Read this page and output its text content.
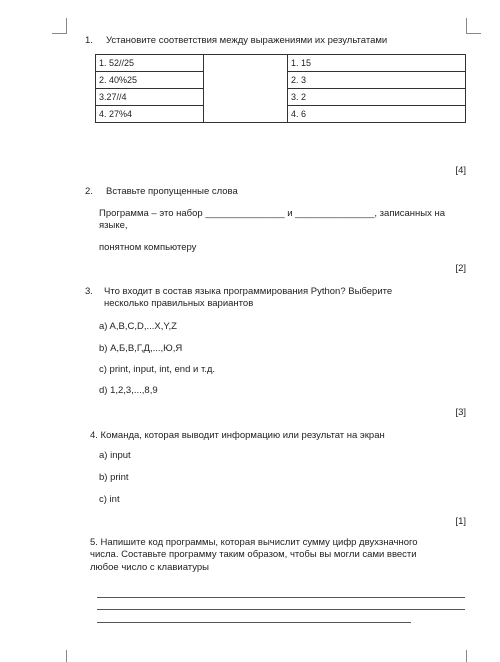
1. Установите соответствия между выражениями их результатами
1. 52//25		1. 15
2. 40%25		2. 3
3.27//4		3. 2
4. 27%4		4. 6
[4]
2. Вставьте пропущенные слова
Программа – это набор _______________ и _______________, записанных на
языке,
понятном компьютеру
[2]
3. Что входит в состав языка программирования Python? Выберите
несколько правильных вариантов
a) A,B,C,D,...X,Y,Z
b) А,Б,В,Г,Д,...,Ю,Я
c) print, input, int, end и т.д.
d) 1,2,3,...,8,9
[3]
4. Команда, которая выводит информацию или результат на экран
a) input
b) print
c) int
[1]
5. Напишите код программы, которая вычислит сумму цифр двухзначного
числа. Составьте программу таким образом, чтобы вы могли сами ввести
любое число с клавиатуры
